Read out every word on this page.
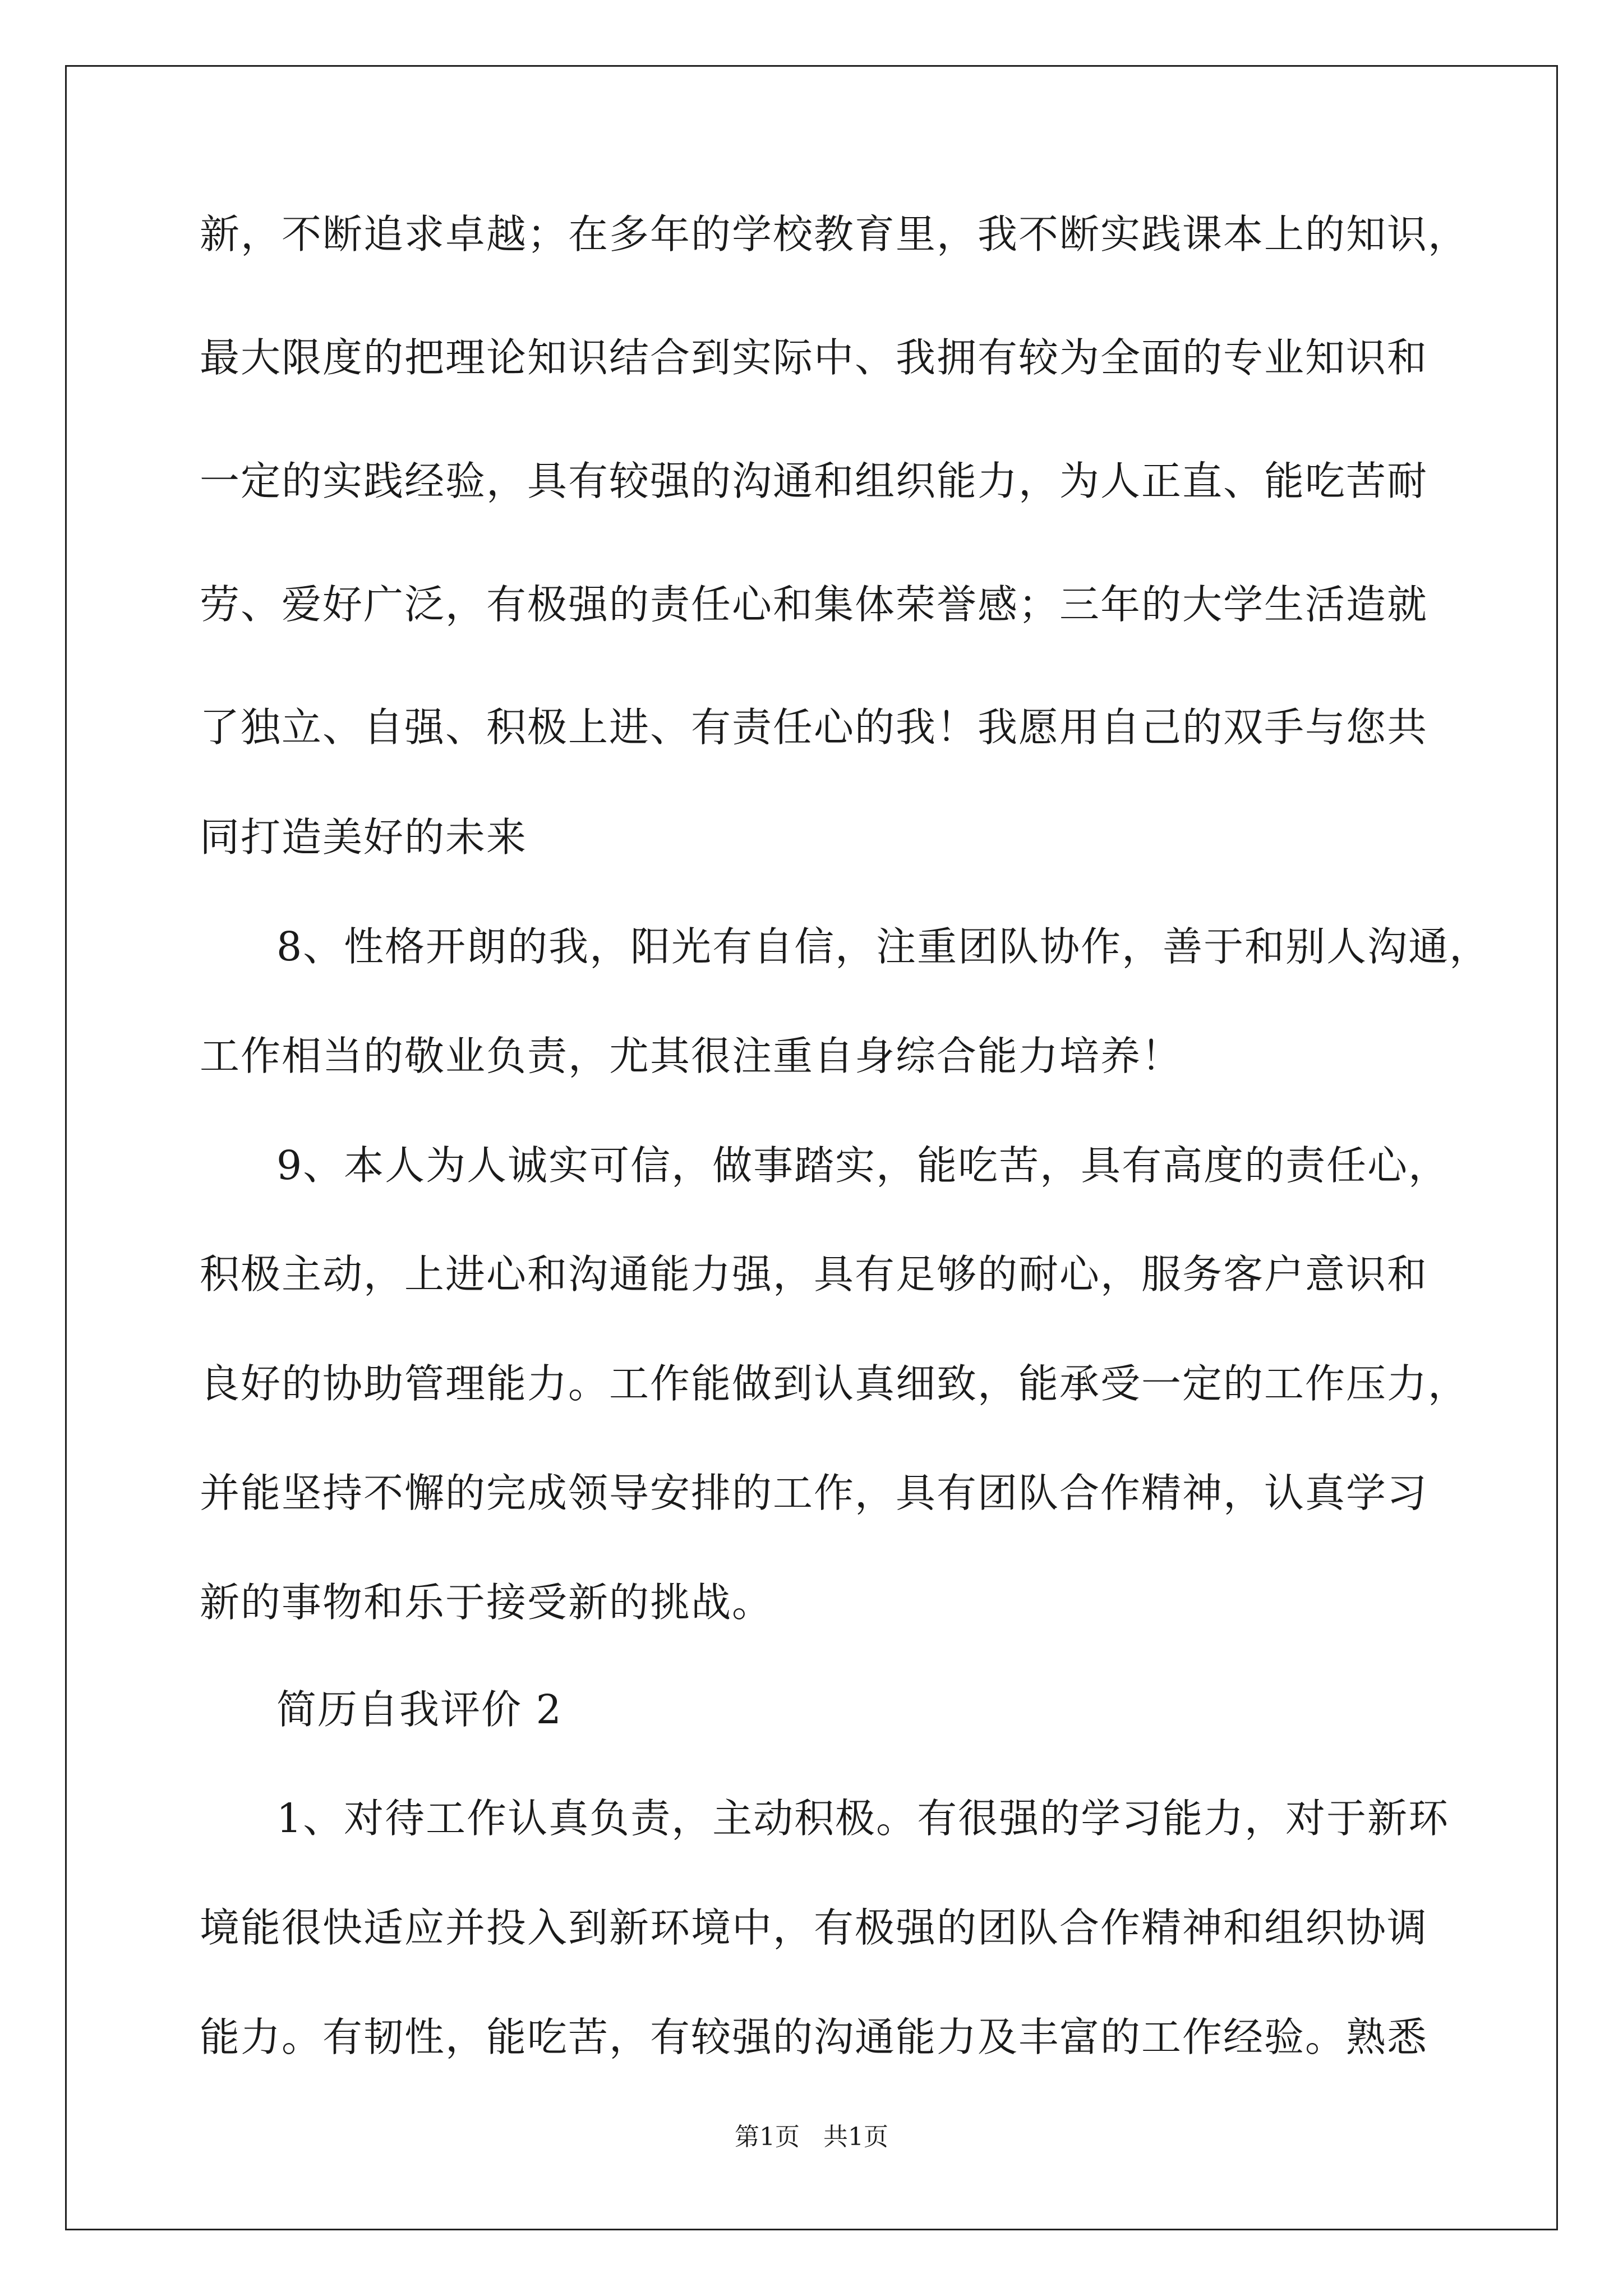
新，不断追求卓越；在多年的学校教育里，我不断实践课本上的知识，
最大限度的把理论知识结合到实际中、我拥有较为全面的专业知识和
一定的实践经验，具有较强的沟通和组织能力，为人正直、能吃苦耐
劳、爱好广泛，有极强的责任心和集体荣誉感；三年的大学生活造就
了独立、自强、积极上进、有责任心的我！我愿用自己的双手与您共
同打造美好的未来
8、性格开朗的我，阳光有自信，注重团队协作，善于和别人沟通，
工作相当的敬业负责，尤其很注重自身综合能力培养！
9、本人为人诚实可信，做事踏实，能吃苦，具有高度的责任心，
积极主动，上进心和沟通能力强，具有足够的耐心，服务客户意识和
良好的协助管理能力。工作能做到认真细致，能承受一定的工作压力，
并能坚持不懈的完成领导安排的工作，具有团队合作精神，认真学习
新的事物和乐于接受新的挑战。
简历自我评价 2
1、对待工作认真负责，主动积极。有很强的学习能力，对于新环
境能很快适应并投入到新环境中，有极强的团队合作精神和组织协调
能力。有韧性，能吃苦，有较强的沟通能力及丰富的工作经验。熟悉
第1页   共1页
